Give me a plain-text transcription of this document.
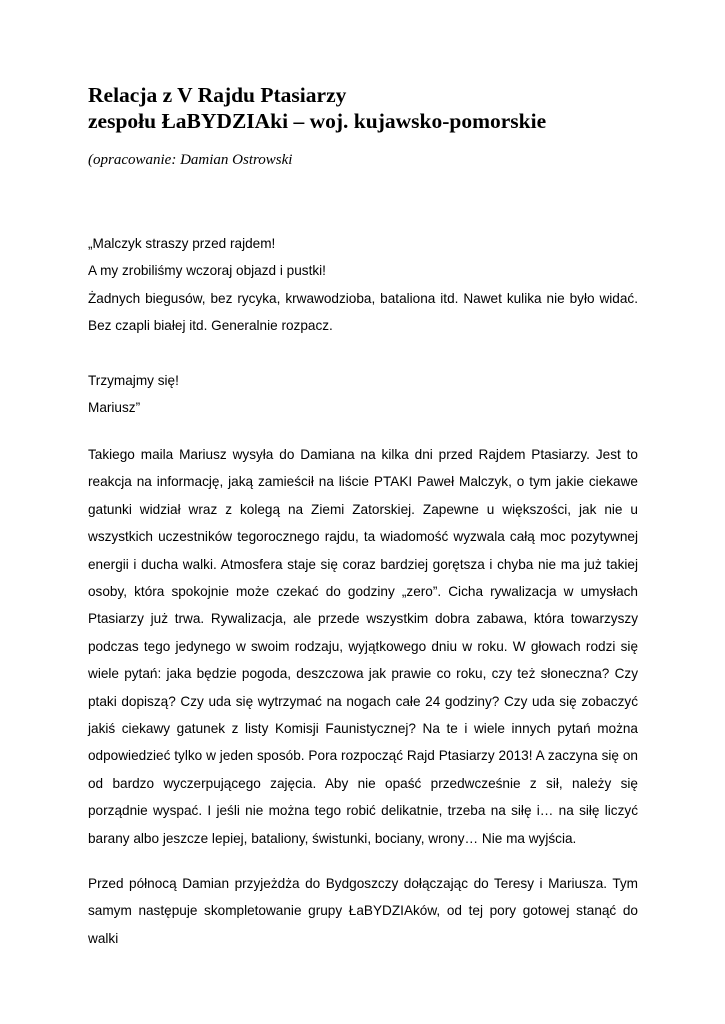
Relacja z V Rajdu Ptasiarzy
zespołu ŁaBYDZIAki – woj. kujawsko-pomorskie

(opracowanie: Damian Ostrowski

„Malczyk straszy przed rajdem!
A my zrobiliśmy wczoraj objazd i pustki!
Żadnych biegusów, bez rycyka, krwawodzioba, bataliona itd. Nawet kulika nie było widać.
Bez czapli białej itd. Generalnie rozpacz.
Trzymajmy się!
Mariusz”

Takiego maila Mariusz wysyła do Damiana na kilka dni przed Rajdem Ptasiarzy. Jest to reakcja na informację, jaką zamieścił na liście PTAKI Paweł Malczyk, o tym jakie ciekawe gatunki widział wraz z kolegą na Ziemi Zatorskiej. Zapewne u większości, jak nie u wszystkich uczestników tegorocznego rajdu, ta wiadomość wyzwala całą moc pozytywnej energii i ducha walki. Atmosfera staje się coraz bardziej gorętsza i chyba nie ma już takiej osoby, która spokojnie może czekać do godziny „zero”. Cicha rywalizacja w umysłach Ptasiarzy już trwa. Rywalizacja, ale przede wszystkim dobra zabawa, która towarzyszy podczas tego jedynego w swoim rodzaju, wyjątkowego dniu w roku. W głowach rodzi się wiele pytań: jaka będzie pogoda, deszczowa jak prawie co roku, czy też słoneczna? Czy ptaki dopiszą? Czy uda się wytrzymać na nogach całe 24 godziny? Czy uda się zobaczyć jakiś ciekawy gatunek z listy Komisji Faunistycznej? Na te i wiele innych pytań można odpowiedzieć tylko w jeden sposób. Pora rozpocząć Rajd Ptasiarzy 2013! A zaczyna się on od bardzo wyczerpującego zajęcia. Aby nie opaść przedwcześnie z sił, należy się porządnie wyspać. I jeśli nie można tego robić delikatnie, trzeba na siłę i… na siłę liczyć barany albo jeszcze lepiej, bataliony, świstunki, bociany, wrony… Nie ma wyjścia.

Przed północą Damian przyjeżdża do Bydgoszczy dołączając do Teresy i Mariusza. Tym samym następuje skompletowanie grupy ŁaBYDZIAków, od tej pory gotowej stanąć do walki
